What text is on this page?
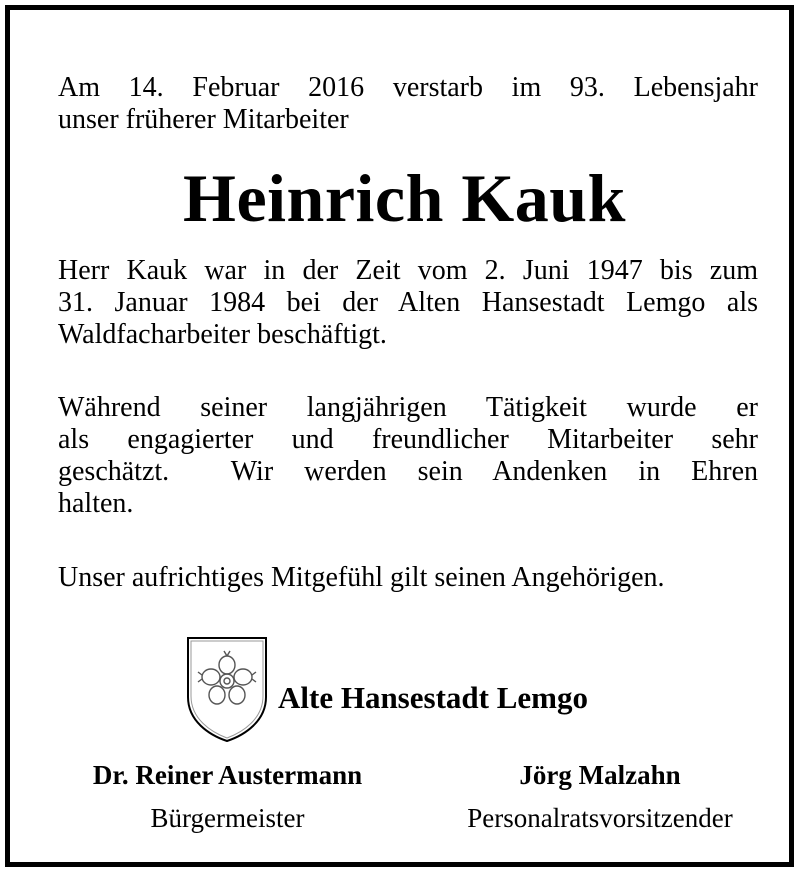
Am 14. Februar 2016 verstarb im 93. Lebensjahr
unser früherer Mitarbeiter
Heinrich Kauk
Herr Kauk war in der Zeit vom 2. Juni 1947 bis zum
31. Januar 1984 bei der Alten Hansestadt Lemgo als
Waldfacharbeiter beschäftigt.
Während seiner langjährigen Tätigkeit wurde er
als engagierter und freundlicher Mitarbeiter sehr
geschätzt.  Wir werden sein Andenken in Ehren
halten.
Unser aufrichtiges Mitgefühl gilt seinen Angehörigen.
Alte Hansestadt Lemgo
Dr. Reiner Austermann
Bürgermeister
Jörg Malzahn
Personalratsvorsitzender
